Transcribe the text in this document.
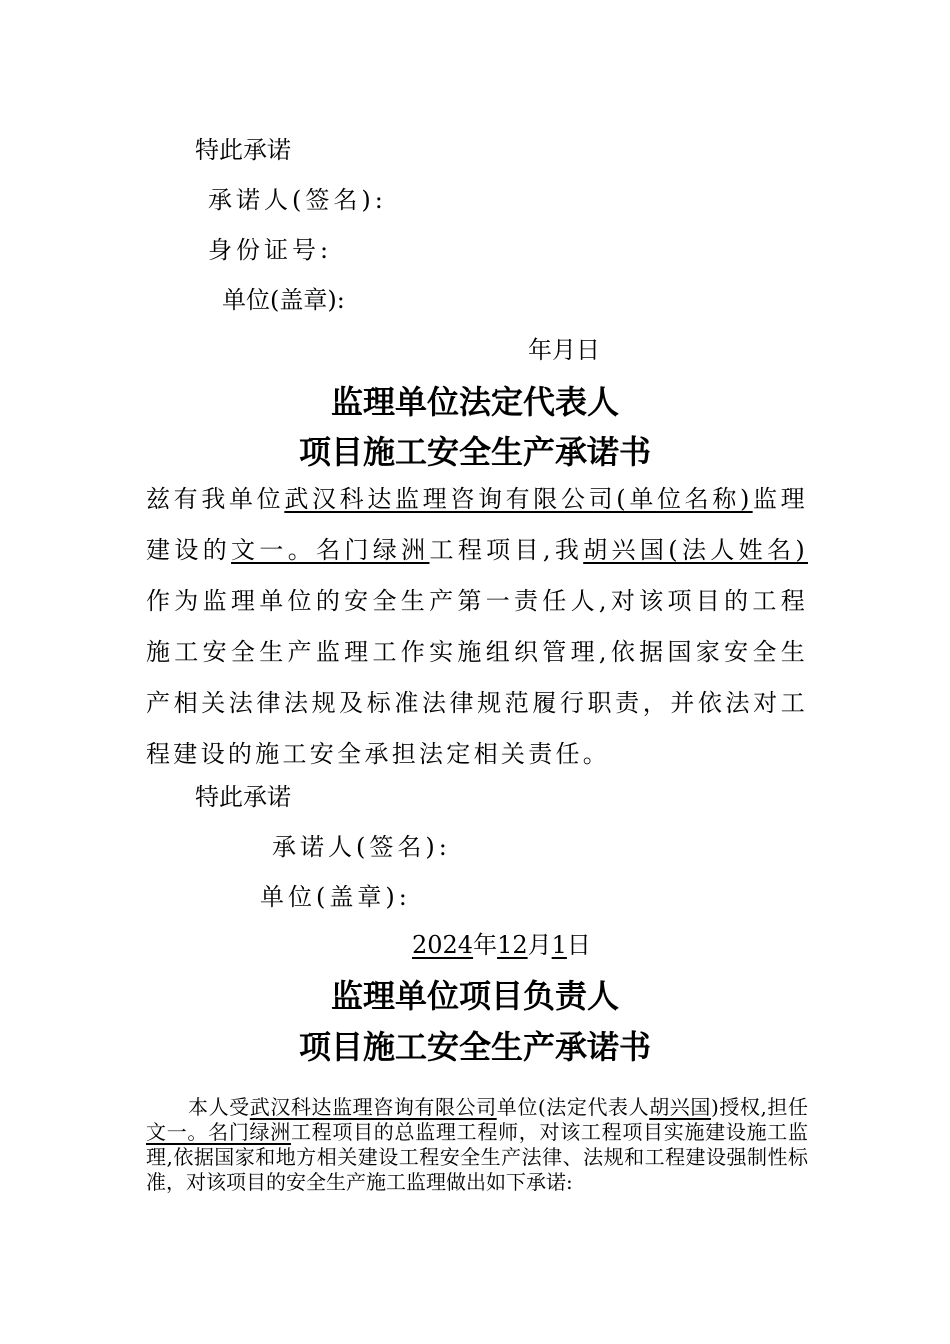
特此承诺
承诺人(签名):
身份证号:
单位(盖章):
年月日
监理单位法定代表人
项目施工安全生产承诺书
兹有我单位武汉科达监理咨询有限公司(单位名称)监理建设的文一。名门绿洲工程项目,我胡兴国(法人姓名)作为监理单位的安全生产第一责任人,对该项目的工程施工安全生产监理工作实施组织管理,依据国家安全生产相关法律法规及标准法律规范履行职责，并依法对工程建设的施工安全承担法定相关责任。
特此承诺
承诺人(签名):
单位(盖章):
2024年12月1日
监理单位项目负责人
项目施工安全生产承诺书
本人受武汉科达监理咨询有限公司单位(法定代表人胡兴国)授权,担任文一。名门绿洲工程项目的总监理工程师，对该工程项目实施建设施工监理,依据国家和地方相关建设工程安全生产法律、法规和工程建设强制性标准，对该项目的安全生产施工监理做出如下承诺:
